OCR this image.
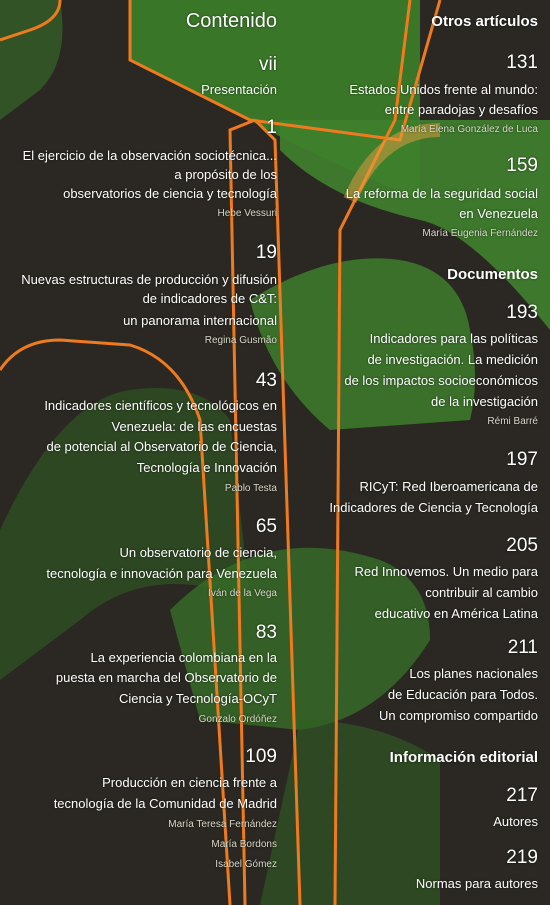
Contenido
vii
Presentación
1
El ejercicio de la observación sociotécnica...
a propósito de los
observatorios de ciencia y tecnología
Hebe Vessuri
19
Nuevas estructuras de producción y difusión
de indicadores de C&T:
un panorama internacional
Regina Gusmão
43
Indicadores científicos y tecnológicos en
Venezuela: de las encuestas
de potencial al Observatorio de Ciencia,
Tecnología e Innovación
Pablo Testa
65
Un observatorio de ciencia,
tecnología e innovación para Venezuela
Iván de la Vega
83
La experiencia colombiana en la
puesta en marcha del Observatorio de
Ciencia y Tecnología-OCyT
Gonzalo Ordóñez
109
Producción en ciencia frente a
tecnología de la Comunidad de Madrid
María Teresa Fernández
María Bordons
Isabel Gómez
Otros artículos
131
Estados Unidos frente al mundo:
entre paradojas y desafíos
María Elena González de Luca
159
La reforma de la seguridad social
en Venezuela
María Eugenia Fernández
Documentos
193
Indicadores para las políticas
de investigación. La medición
de los impactos socioeconómicos
de la investigación
Rémi Barré
197
RICyT: Red Iberoamericana de
Indicadores de Ciencia y Tecnología
205
Red Innovemos. Un medio para
contribuir al cambio
educativo en América Latina
211
Los planes nacionales
de Educación para Todos.
Un compromiso compartido
Información editorial
217
Autores
219
Normas para autores
